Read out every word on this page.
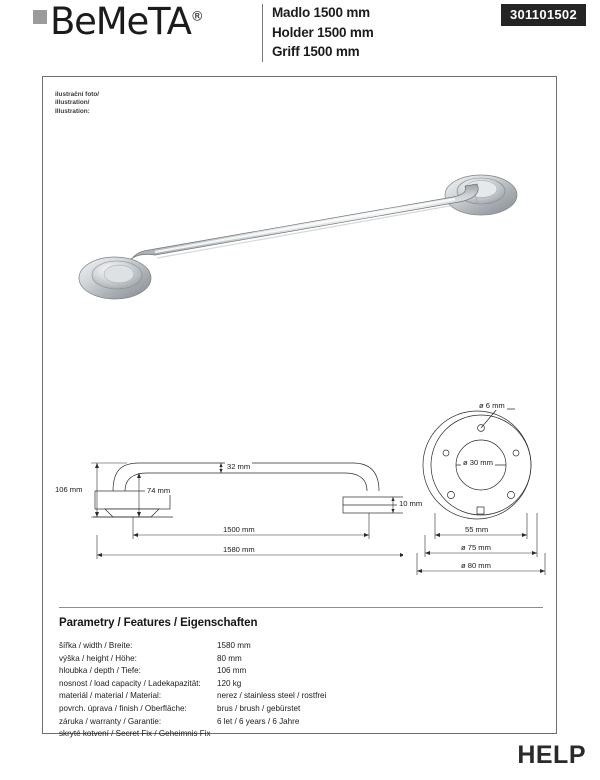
BeMeTA®	Madlo 1500 mm
Holder 1500 mm
Griff 1500 mm
301101502
ilustrační foto/
illustration/
Illustration:
106 mm
32 mm
74 mm
10 mm
1500 mm
1580 mm
ø 6 mm
ø 30 mm
55 mm
ø 75 mm
ø 80 mm
Parametry / Features / Eigenschaften
šířka / width / Breite:	1580 mm
výška / height / Höhe:	80 mm
hloubka / depth / Tiefe:	106 mm
nosnost / load capacity / Ladekapazität:	120 kg
materiál / material / Material:	nerez / stainless steel / rostfrei
povrch. úprava / finish / Oberfläche:	brus / brush / gebürstet
záruka / warranty / Garantie:	6 let / 6 years / 6 Jahre
skryté kotvení / Secret Fix / Geheimnis Fix
HELP
